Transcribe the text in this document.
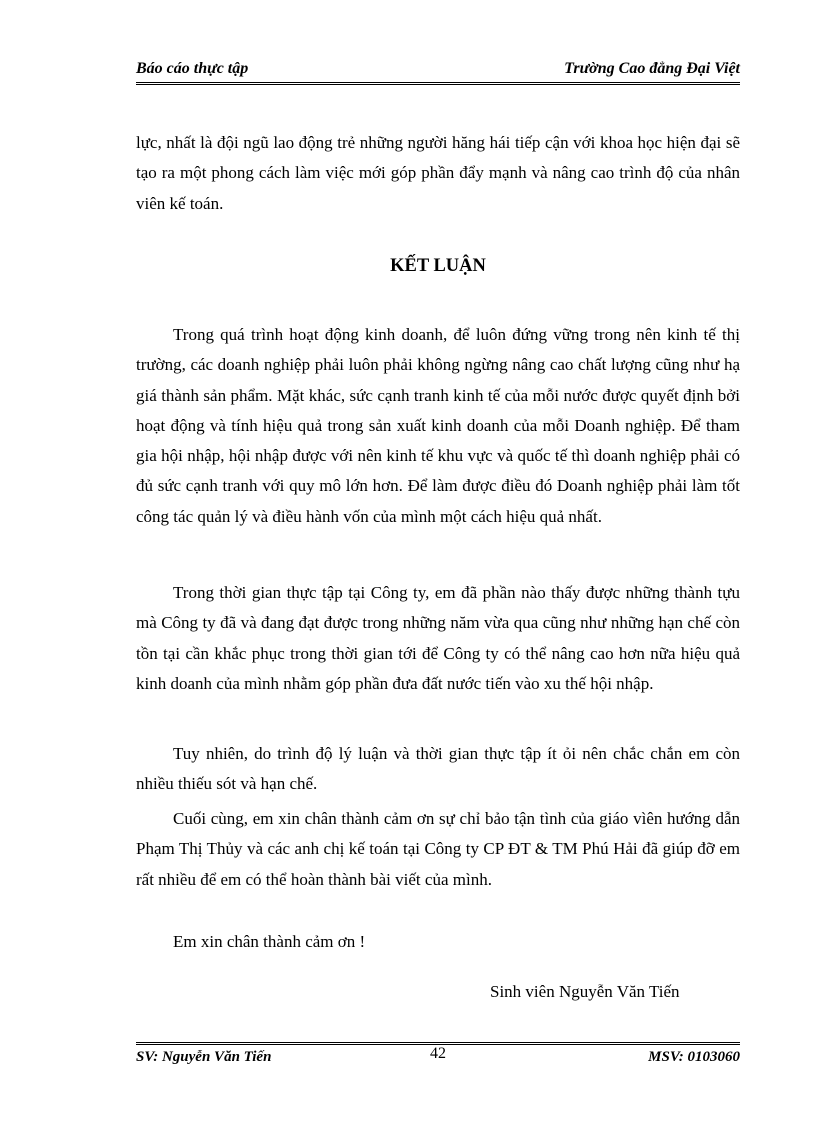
Báo cáo thực tập	Trường Cao đẳng Đại Việt

lực, nhất là đội ngũ lao động trẻ những người hăng hái tiếp cận với khoa học hiện đại sẽ tạo ra một phong cách làm việc mới góp phần đẩy mạnh và nâng cao trình độ của nhân viên kế toán.

KẾT LUẬN

Trong quá trình hoạt động kinh doanh, để luôn đứng vững trong nên kinh tế thị trường, các doanh nghiệp phải luôn phải không ngừng nâng cao chất lượng cũng như hạ giá thành sản phẩm. Mặt khác, sức cạnh tranh kinh tế của mỗi nước được quyết định bởi hoạt động và tính hiệu quả trong sản xuất kinh doanh của mỗi Doanh nghiệp. Để tham gia hội nhập, hội nhập được với nên kinh tế khu vực và quốc tế thì doanh nghiệp phải có đủ sức cạnh tranh với quy mô lớn hơn. Để làm được điều đó Doanh nghiệp phải làm tốt công tác quản lý và điều hành vốn của mình một cách hiệu quả nhất.

Trong thời gian thực tập tại Công ty, em đã phần nào thấy được những thành tựu mà Công ty đã và đang đạt được trong những năm vừa qua cũng như những hạn chế còn tồn tại cần khắc phục trong thời gian tới để Công ty có thể nâng cao hơn nữa hiệu quả kinh doanh của mình nhằm góp phần đưa đất nước tiến vào xu thế hội nhập.

Tuy nhiên, do trình độ lý luận và thời gian thực tập ít ỏi nên chắc chắn em còn nhiều thiếu sót và hạn chế.

Cuối cùng, em xin chân thành cảm ơn sự chỉ bảo tận tình của giáo vìên hướng dẫn Phạm Thị Thủy và các anh chị kế toán tại Công ty CP ĐT & TM Phú Hải đã giúp đỡ em rất nhiều để em có thể hoàn thành bài viết của mình.

Em xin chân thành cảm ơn !

Sinh viên Nguyễn Văn Tiến

SV: Nguyễn Văn Tiến	42	MSV: 0103060
